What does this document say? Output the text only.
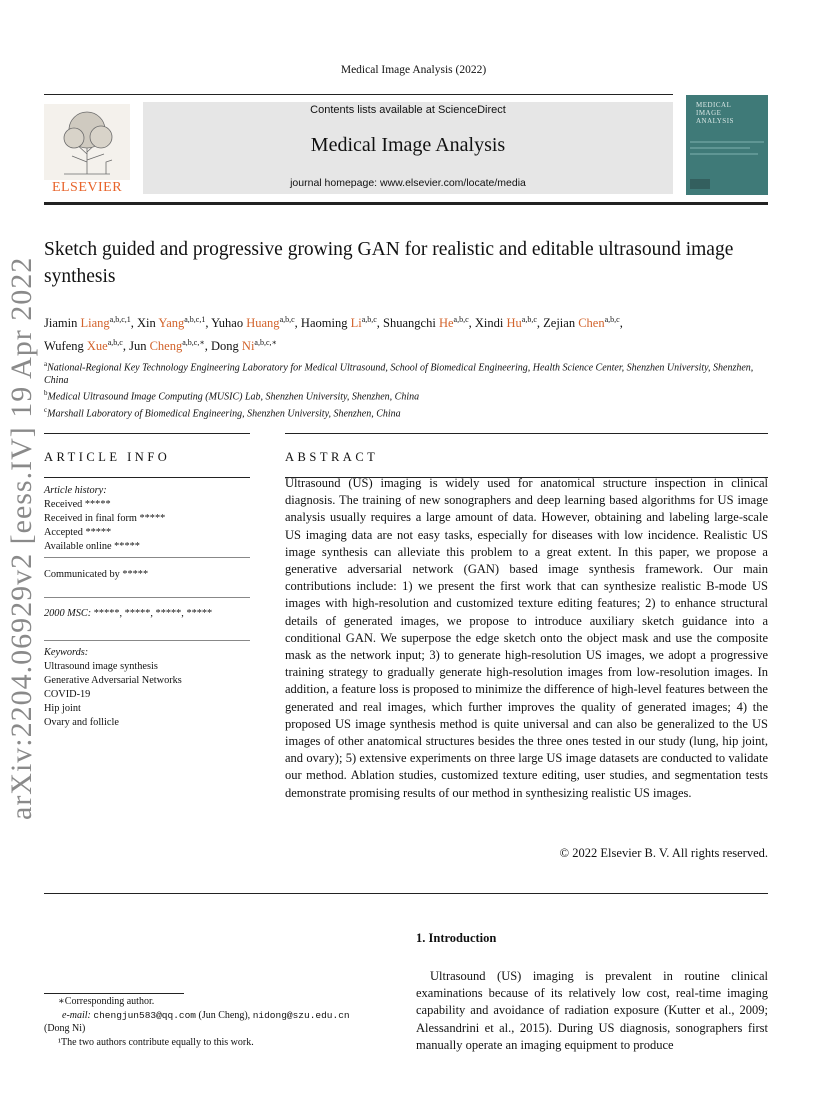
Medical Image Analysis (2022)
ELSEVIER
Contents lists available at ScienceDirect
Medical Image Analysis
journal homepage: www.elsevier.com/locate/media
MEDICAL
IMAGE
ANALYSIS
arXiv:2204.06929v2 [eess.IV] 19 Apr 2022
Sketch guided and progressive growing GAN for realistic and editable ultrasound image synthesis
Jiamin Liang$^{a,b,c,1}$, Xin Yang$^{a,b,c,1}$, Yuhao Huang$^{a,b,c}$, Haoming Li$^{a,b,c}$, Shuangchi He$^{a,b,c}$, Xindi Hu$^{a,b,c}$, Zejian Chen$^{a,b,c}$,
Wufeng Xue$^{a,b,c}$, Jun Cheng$^{a,b,c,∗}$, Dong $Ni^{a,b,c,∗}$
$^a$National-Regional Key Technology Engineering Laboratory for Medical Ultrasound, School of Biomedical Engineering, Health Science Center, Shenzhen University, Shenzhen, China
$^b$Medical Ultrasound Image Computing (MUSIC) Lab, Shenzhen University, Shenzhen, China
$^c$Marshall Laboratory of Biomedical Engineering, Shenzhen University, Shenzhen, China
ARTICLE INFO	ABSTRACT
Article history:
Received *****
Received in final form *****
Accepted *****
Available online *****
Communicated by *****
2000 MSC: *****, *****, *****, *****
Keywords:
Ultrasound image synthesis
Generative Adversarial Networks
COVID-19
Hip joint
Ovary and follicle
Ultrasound (US) imaging is widely used for anatomical structure inspection in clinical diagnosis. The training of new sonographers and deep learning based algorithms for US image analysis usually requires a large amount of data. However, obtaining and labeling large-scale US imaging data are not easy tasks, especially for diseases with low incidence. Realistic US image synthesis can alleviate this problem to a great extent. In this paper, we propose a generative adversarial network (GAN) based image synthesis framework. Our main contributions include: 1) we present the first work that can synthesize realistic B-mode US images with high-resolution and customized texture editing features; 2) to enhance structural details of generated images, we propose to introduce auxiliary sketch guidance into a conditional GAN. We superpose the edge sketch onto the object mask and use the composite mask as the network input; 3) to generate high-resolution US images, we adopt a progressive training strategy to gradually generate high-resolution images from low-resolution images. In addition, a feature loss is proposed to minimize the difference of high-level features between the generated and real images, which further improves the quality of generated images; 4) the proposed US image synthesis method is quite universal and can also be generalized to the US images of other anatomical structures besides the three ones tested in our study (lung, hip joint, and ovary); 5) extensive experiments on three large US image datasets are conducted to validate our method. Ablation studies, customized texture editing, user studies, and segmentation tests demonstrate promising results of our method in synthesizing realistic US images.
© 2022 Elsevier B. V. All rights reserved.
1. Introduction
Ultrasound (US) imaging is prevalent in routine clinical examinations because of its relatively low cost, real-time imaging capability and avoidance of radiation exposure (Kutter et al., 2009; Alessandrini et al., 2015). During US diagnosis, sonographers first manually operate an imaging equipment to produce
∗Corresponding author.
e-mail: chengjun583@qq.com (Jun Cheng), nidong@szu.edu.cn
(Dong Ni)
¹The two authors contribute equally to this work.
